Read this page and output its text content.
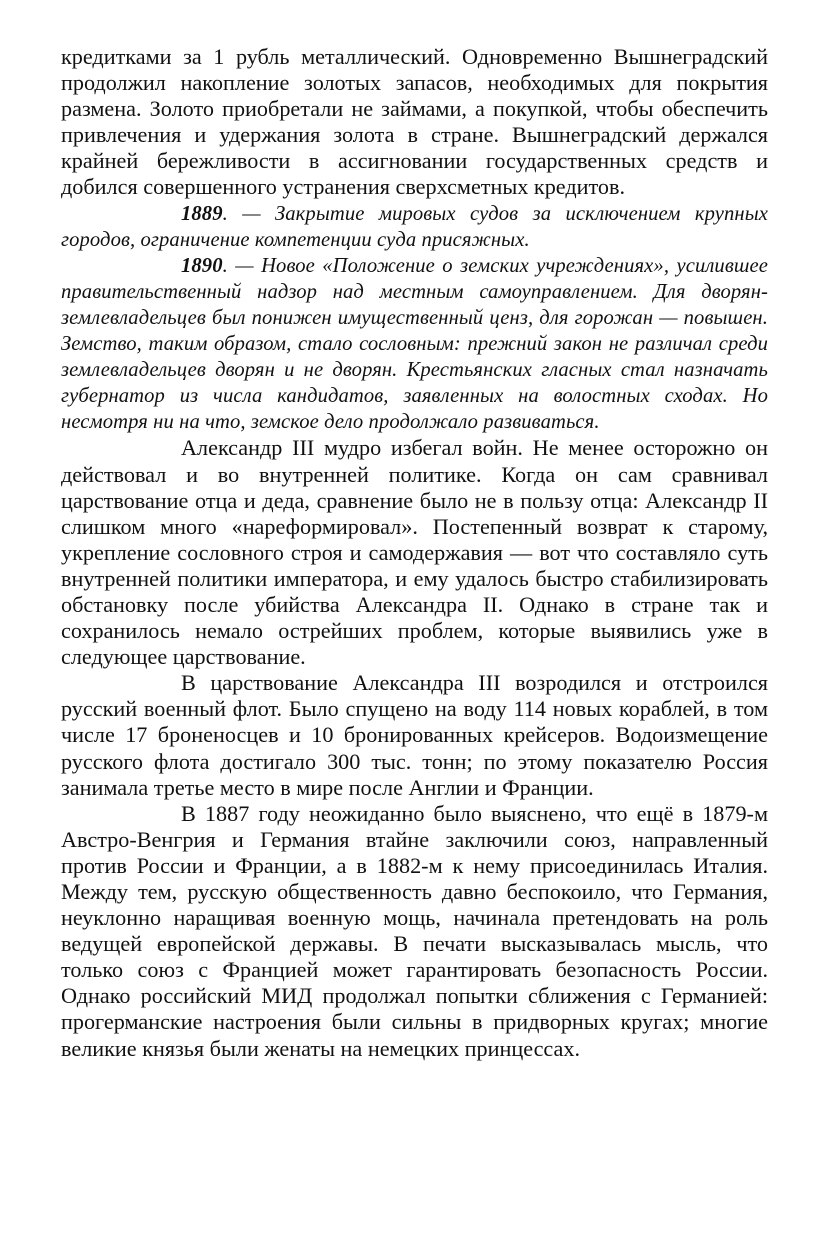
кредитками за 1 рубль металлический. Одновременно Вышнеградский продолжил накопление золотых запасов, необходимых для покрытия размена. Золото приобретали не займами, а покупкой, чтобы обеспечить привлечения и удержания золота в стране. Вышнеградский держался крайней бережливости в ассигновании государственных средств и добился совершенного устранения сверхсметных кредитов.

1889. — Закрытие мировых судов за исключением крупных городов, ограничение компетенции суда присяжных.

1890. — Новое «Положение о земских учреждениях», усилившее правительственный надзор над местным самоуправлением. Для дворян-землевладельцев был понижен имущественный ценз, для горожан — повышен. Земство, таким образом, стало сословным: прежний закон не различал среди землевладельцев дворян и не дворян. Крестьянских гласных стал назначать губернатор из числа кандидатов, заявленных на волостных сходах. Но несмотря ни на что, земское дело продолжало развиваться.

Александр III мудро избегал войн. Не менее осторожно он действовал и во внутренней политике. Когда он сам сравнивал царствование отца и деда, сравнение было не в пользу отца: Александр II слишком много «нареформировал». Постепенный возврат к старому, укрепление сословного строя и самодержавия — вот что составляло суть внутренней политики императора, и ему удалось быстро стабилизировать обстановку после убийства Александра II. Однако в стране так и сохранилось немало острейших проблем, которые выявились уже в следующее царствование.

В царствование Александра III возродился и отстроился русский военный флот. Было спущено на воду 114 новых кораблей, в том числе 17 броненосцев и 10 бронированных крейсеров. Водоизмещение русского флота достигало 300 тыс. тонн; по этому показателю Россия занимала третье место в мире после Англии и Франции.

В 1887 году неожиданно было выяснено, что ещё в 1879-м Австро-Венгрия и Германия втайне заключили союз, направленный против России и Франции, а в 1882-м к нему присоединилась Италия. Между тем, русскую общественность давно беспокоило, что Германия, неуклонно наращивая военную мощь, начинала претендовать на роль ведущей европейской державы. В печати высказывалась мысль, что только союз с Францией может гарантировать безопасность России. Однако российский МИД продолжал попытки сближения с Германией: прогерманские настроения были сильны в придворных кругах; многие великие князья были женаты на немецких принцессах.
